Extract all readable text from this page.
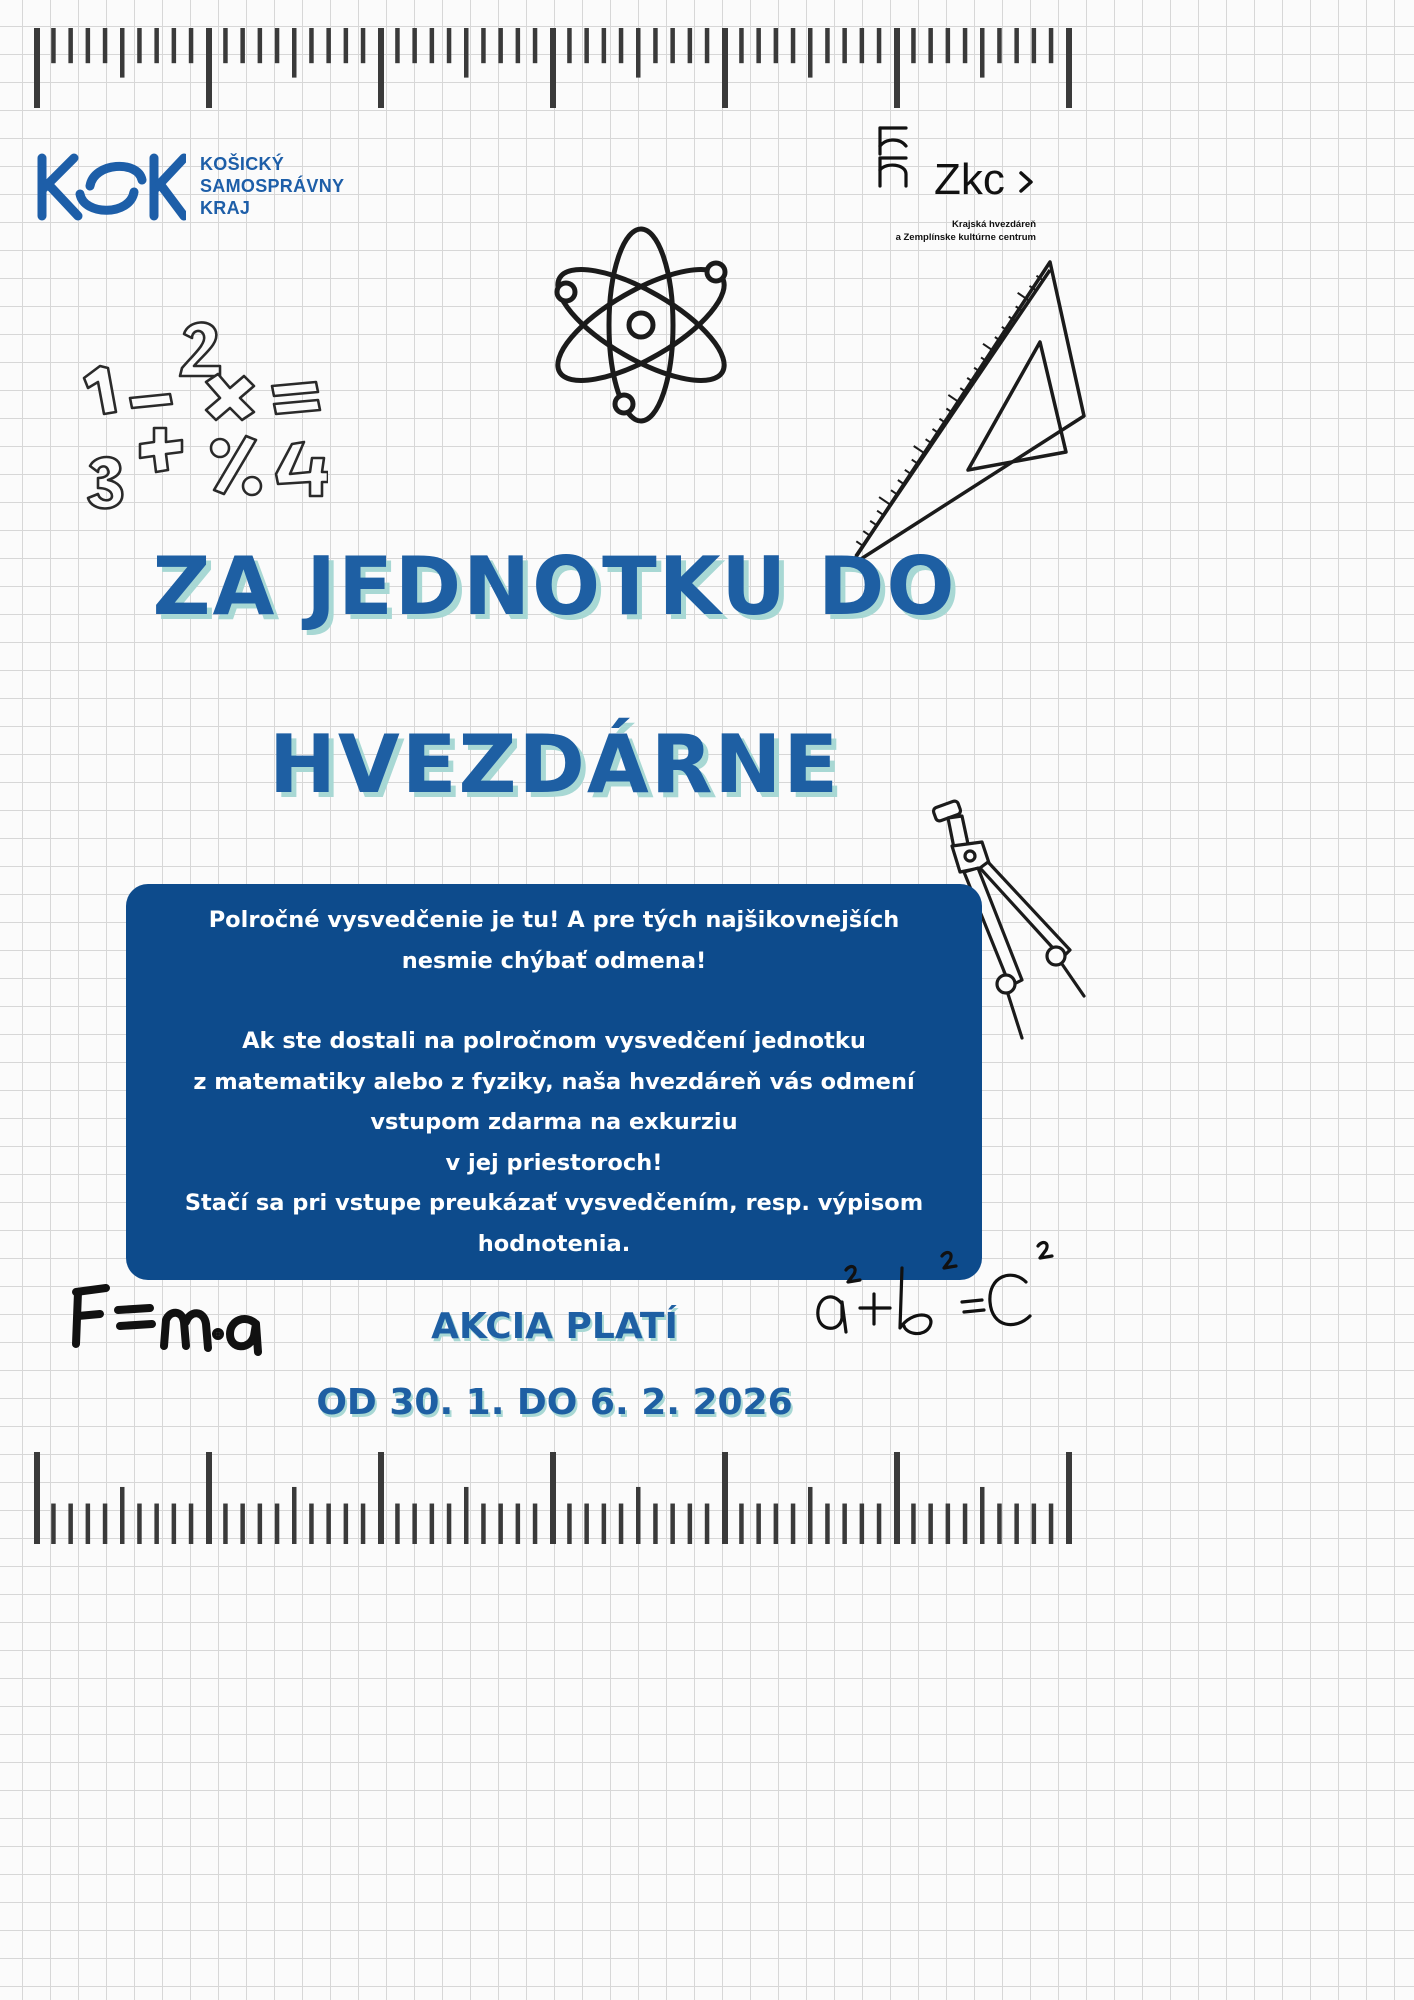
KOŠICKÝ
SAMOSPRÁVNY
KRAJ
Zkc
Krajská hvezdáreň
a Zemplínske kultúrne centrum
ZA JEDNOTKU DO
HVEZDÁRNE

Polročné vysvedčenie je tu! A pre tých najšikovnejších
nesmie chýbať odmena!

Ak ste dostali na polročnom vysvedčení jednotku
z matematiky alebo z fyziky, naša hvezdáreň vás odmení
vstupom zdarma na exkurziu
v jej priestoroch!
Stačí sa pri vstupe preukázať vysvedčením, resp. výpisom
hodnotenia.

AKCIA PLATÍ
OD 30. 1. DO 6. 2. 2026
